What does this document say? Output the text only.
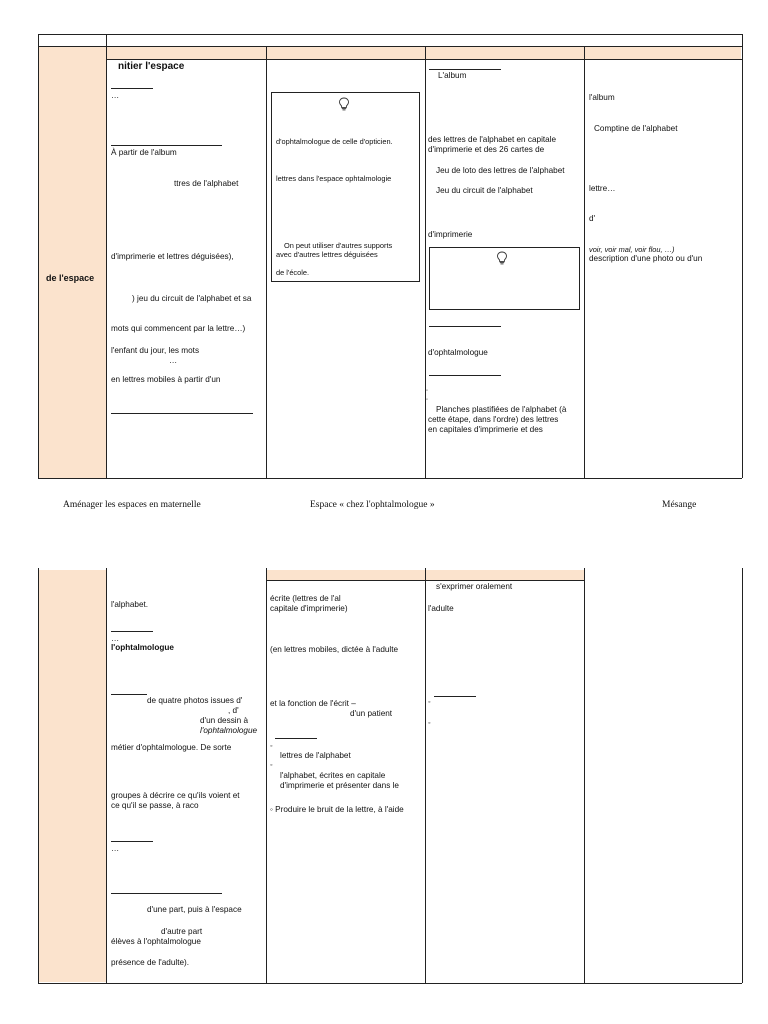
de l'espace
nitier l'espace
…
À partir de l'album
ttres de l'alphabet
d'imprimerie et lettres déguisées),
) jeu du circuit de l'alphabet et sa
mots qui commencent par la lettre…)
l'enfant du jour, les mots
…
en lettres mobiles à partir d'un
d'ophtalmologue de celle d'opticien.
lettres dans l'espace ophtalmologie
On peut utiliser d'autres supports
avec d'autres lettres déguisées
de l'école.
L'album
des lettres de l'alphabet en capitale
d'imprimerie et des 26 cartes de
Jeu de loto des lettres de l'alphabet
Jeu du circuit de l'alphabet
d'imprimerie
d'ophtalmologue
◦
◦
Planches plastifiées de l'alphabet (à
cette étape, dans l'ordre) des lettres
en capitales d'imprimerie et des
l'album
Comptine de l'alphabet
lettre…
d'
voir, voir mal, voir flou, …)
description d'une photo ou d'un
Aménager les espaces en maternelle	Espace « chez l'ophtalmologue »	Mésange
l'alphabet.
…
l'ophtalmologue
de quatre photos issues d'
, d'
d'un dessin à
l'ophtalmologue
métier d'ophtalmologue. De sorte
groupes à décrire ce qu'ils voient et
ce qu'il se passe, à raco
…
d'une part, puis à l'espace
d'autre part
élèves à l'ophtalmologue
présence de l'adulte).
écrite (lettres de l'al
capitale d'imprimerie)
(en lettres mobiles, dictée à l'adulte
et la fonction de l'écrit –
d'un patient
◦
lettres de l'alphabet
◦
l'alphabet, écrites en capitale
d'imprimerie et présenter dans le
◦ Produire le bruit de la lettre, à l'aide
s'exprimer oralement
l'adulte
◦
◦
